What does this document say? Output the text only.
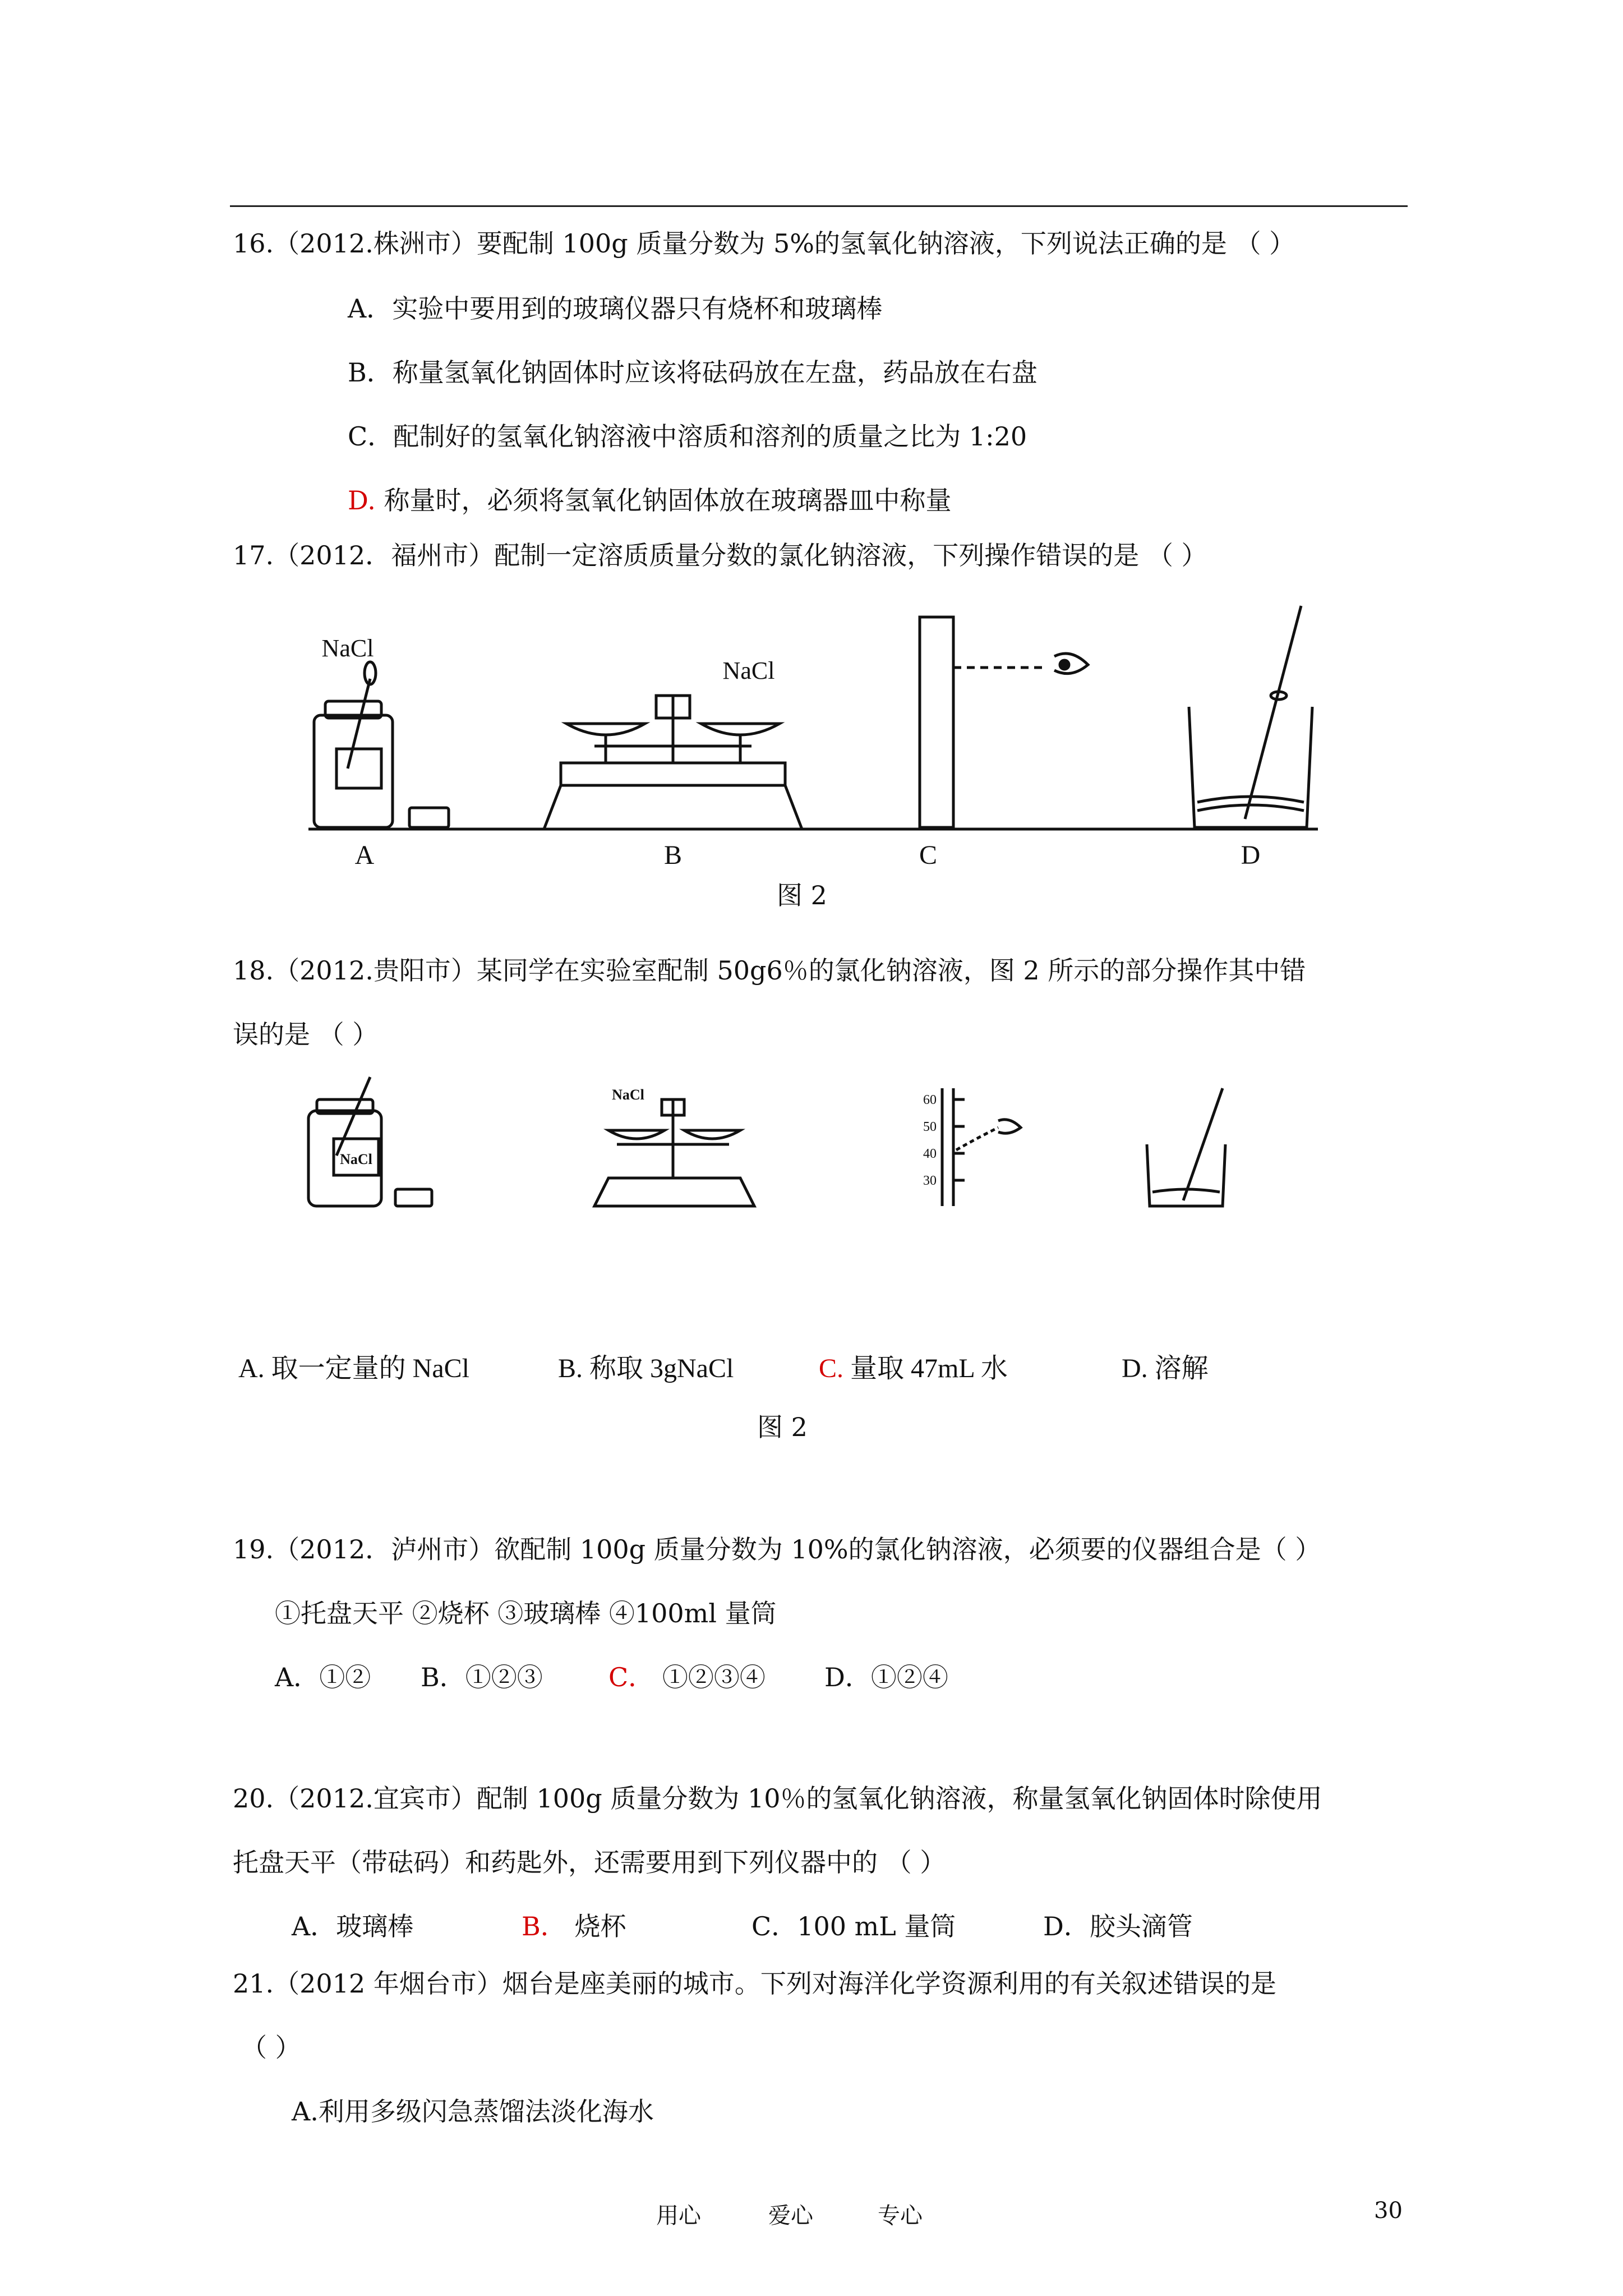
16.（2012.株洲市）要配制 100g 质量分数为 5%的氢氧化钠溶液，下列说法正确的是 （ ）
A．实验中要用到的玻璃仪器只有烧杯和玻璃棒
B．称量氢氧化钠固体时应该将砝码放在左盘，药品放在右盘
C．配制好的氢氧化钠溶液中溶质和溶剂的质量之比为 1:20
D. 称量时，必须将氢氧化钠固体放在玻璃器皿中称量
17.（2012．福州市）配制一定溶质质量分数的氯化钠溶液，下列操作错误的是 （ ）
NaCl
NaCl
A	B	C	D
图 2
18.（2012.贵阳市）某同学在实验室配制 50g6％的氯化钠溶液，图 2 所示的部分操作其中错
误的是 （ ）
NaCl
NaCl	60
50
40
30
A. 取一定量的 NaCl	B. 称取 3gNaCl	C. 量取 47mL 水	D. 溶解
图 2
19.（2012．泸州市）欲配制 100g 质量分数为 10%的氯化钠溶液，必须要的仪器组合是（ ）
①托盘天平 ②烧杯 ③玻璃棒 ④100ml 量筒
A．①② B．①②③	C． ①②③④ D．①②④
20.（2012.宜宾市）配制 100g 质量分数为 10％的氢氧化钠溶液，称量氢氧化钠固体时除使用
托盘天平（带砝码）和药匙外，还需要用到下列仪器中的 （ ）
A．玻璃棒	B． 烧杯	C．100 mL 量筒	D．胶头滴管
21.（2012 年烟台市）烟台是座美丽的城市。下列对海洋化学资源利用的有关叙述错误的是
（ ）
A.利用多级闪急蒸馏法淡化海水
用心	爱心	专心	30
